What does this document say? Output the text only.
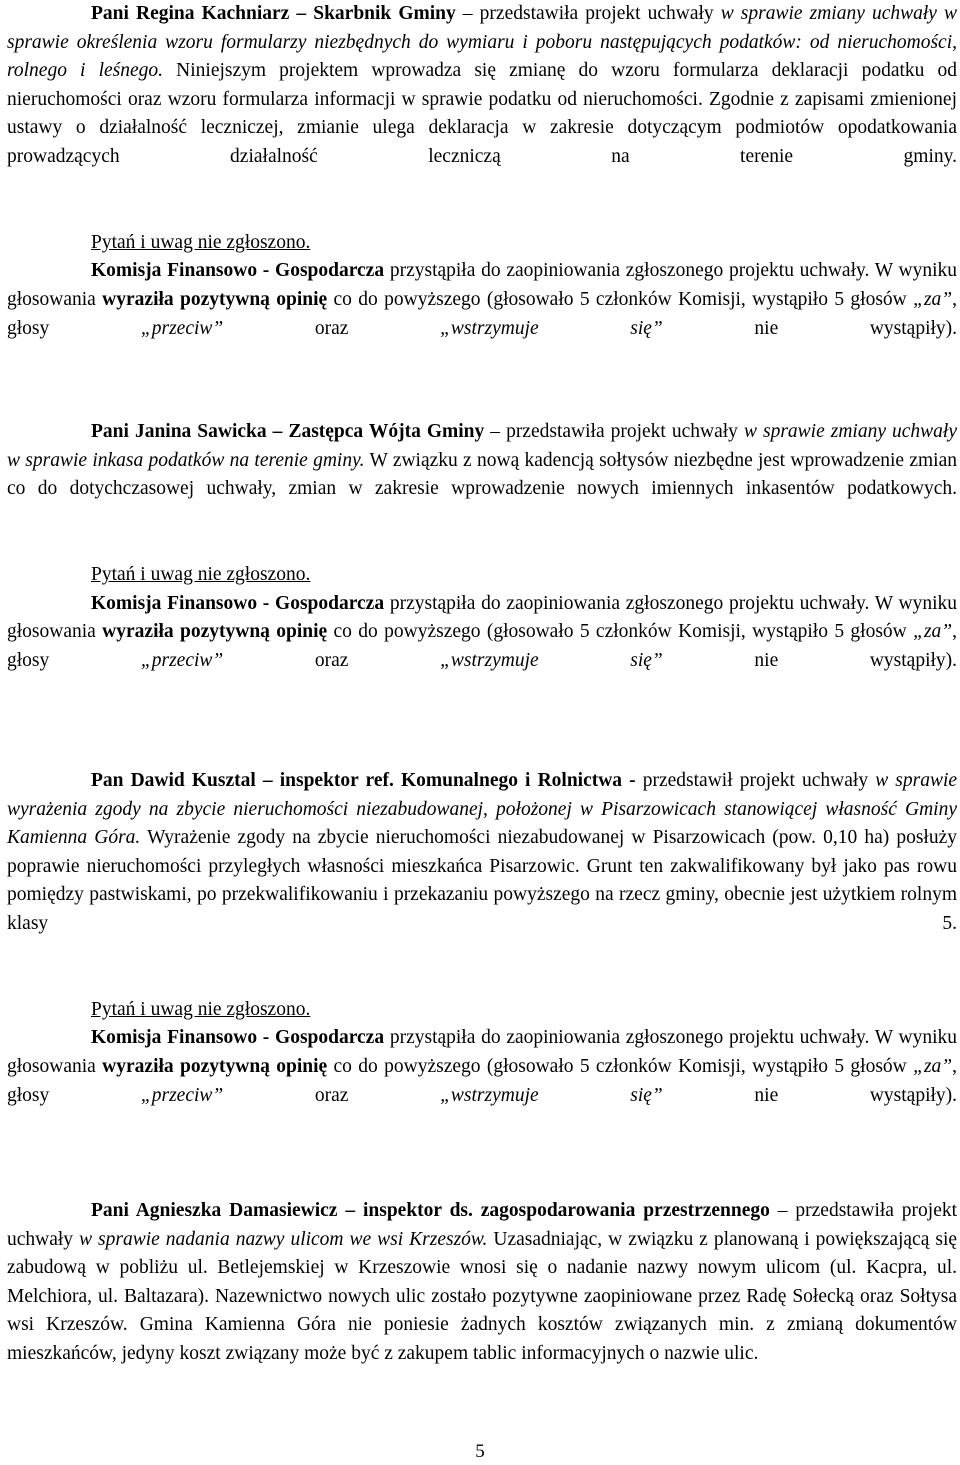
Pani Regina Kachniarz – Skarbnik Gminy – przedstawiła projekt uchwały w sprawie zmiany uchwały w sprawie określenia wzoru formularzy niezbędnych do wymiaru i poboru następujących podatków: od nieruchomości, rolnego i leśnego. Niniejszym projektem wprowadza się zmianę do wzoru formularza deklaracji podatku od nieruchomości oraz wzoru formularza informacji w sprawie podatku od nieruchomości. Zgodnie z zapisami zmienionej ustawy o działalność leczniczej, zmianie ulega deklaracja w zakresie dotyczącym podmiotów opodatkowania prowadzących działalność leczniczą na terenie gminy.

Pytań i uwag nie zgłoszono.

Komisja Finansowo - Gospodarcza przystąpiła do zaopiniowania zgłoszonego projektu uchwały. W wyniku głosowania wyraziła pozytywną opinię co do powyższego (głosowało 5 członków Komisji, wystąpiło 5 głosów „za”, głosy	„przeciw”	oraz	„wstrzymuje się”	nie wystąpiły).

Pani Janina Sawicka – Zastępca Wójta Gminy – przedstawiła projekt uchwały w sprawie zmiany uchwały w sprawie inkasa podatków na terenie gminy. W związku z nową kadencją sołtysów niezbędne jest wprowadzenie zmian co do dotychczasowej uchwały, zmian w zakresie wprowadzenie nowych imiennych inkasentów podatkowych.

Pytań i uwag nie zgłoszono.

Komisja Finansowo - Gospodarcza przystąpiła do zaopiniowania zgłoszonego projektu uchwały. W wyniku głosowania wyraziła pozytywną opinię co do powyższego (głosowało 5 członków Komisji, wystąpiło 5 głosów „za”, głosy	„przeciw”	oraz	„wstrzymuje się”	nie wystąpiły).

Pan Dawid Kusztal – inspektor ref. Komunalnego i Rolnictwa - przedstawił projekt uchwały w sprawie wyrażenia zgody na zbycie nieruchomości niezabudowanej, położonej w Pisarzowicach stanowiącej własność Gminy Kamienna Góra. Wyrażenie zgody na zbycie nieruchomości niezabudowanej w Pisarzowicach (pow. 0,10 ha) posłuży poprawie nieruchomości przyległych własności mieszkańca Pisarzowic. Grunt ten zakwalifikowany był jako pas rowu pomiędzy pastwiskami, po przekwalifikowaniu i przekazaniu powyższego na rzecz gminy, obecnie jest użytkiem rolnym klasy 5.

Pytań i uwag nie zgłoszono.

Komisja Finansowo - Gospodarcza przystąpiła do zaopiniowania zgłoszonego projektu uchwały. W wyniku głosowania wyraziła pozytywną opinię co do powyższego (głosowało 5 członków Komisji, wystąpiło 5 głosów „za”, głosy	„przeciw”	oraz	„wstrzymuje się”	nie wystąpiły).

Pani Agnieszka Damasiewicz – inspektor ds. zagospodarowania przestrzennego – przedstawiła projekt uchwały w sprawie nadania nazwy ulicom we wsi Krzeszów. Uzasadniając, w związku z planowaną i powiększającą się zabudową w pobliżu ul. Betlejemskiej w Krzeszowie wnosi się o nadanie nazwy nowym ulicom (ul. Kacpra, ul. Melchiora, ul. Baltazara). Nazewnictwo nowych ulic zostało pozytywne zaopiniowane przez Radę Sołecką oraz Sołtysa wsi Krzeszów. Gmina Kamienna Góra nie poniesie żadnych kosztów związanych min. z zmianą dokumentów mieszkańców, jedyny koszt związany może być z zakupem tablic informacyjnych o nazwie ulic.

5
